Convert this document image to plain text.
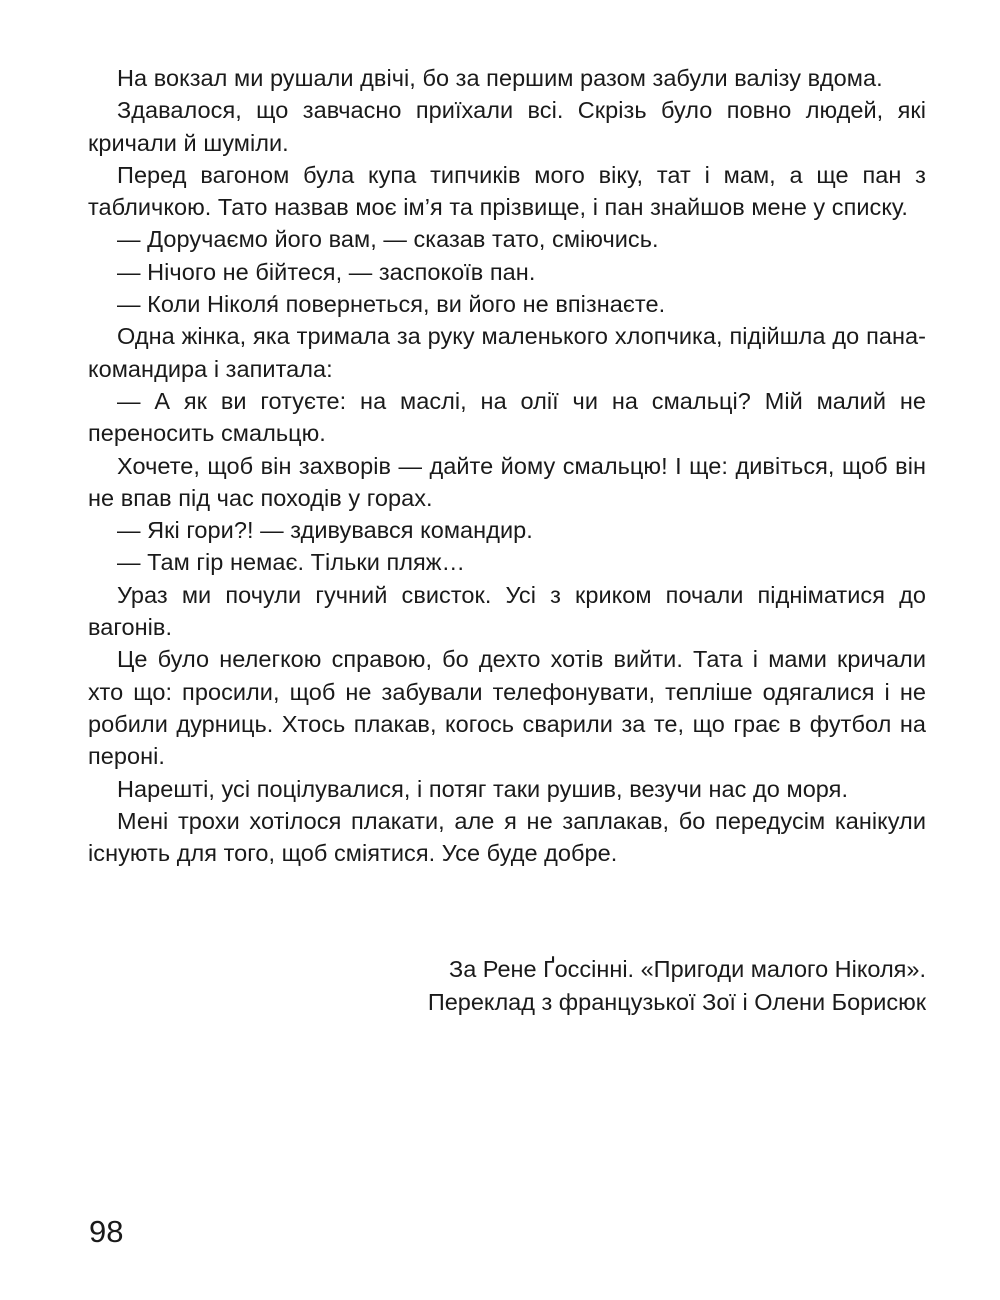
На вокзал ми рушали двічі, бо за першим разом забули валізу вдома.

Здавалося, що завчасно приїхали всі. Скрізь було повно людей, які кричали й шуміли.

Перед вагоном була купа типчиків мого віку, тат і мам, а ще пан з табличкою. Тато назвав моє ім’я та прізвище, і пан знайшов мене у списку.

— Доручаємо його вам, — сказав тато, сміючись.

— Нічого не бійтеся, — заспокоїв пан.

— Коли Ніколя́ повернеться, ви його не впізнаєте.

Одна жінка, яка тримала за руку маленького хлопчика, підійшла до пана-командира і запитала:

— А як ви готуєте: на маслі, на олії чи на смальці? Мій малий не переносить смальцю.

Хочете, щоб він захворів — дайте йому смальцю! І ще: дивіться, щоб він не впав під час походів у горах.

— Які гори?! — здивувався командир.

— Там гір немає. Тільки пляж…

Ураз ми почули гучний свисток. Усі з криком почали підніматися до вагонів.

Це було нелегкою справою, бо дехто хотів вийти. Тата і мами кричали хто що: просили, щоб не забували телефонувати, тепліше одягалися і не робили дурниць. Хтось плакав, когось сварили за те, що грає в футбол на пероні.

Нарешті, усі поцілувалися, і потяг таки рушив, везучи нас до моря.

Мені трохи хотілося плакати, але я не заплакав, бо передусім канікули існують для того, щоб сміятися. Усе буде добре.

За Рене Ґоссінні. «Пригоди малого Ніколя».
Переклад з французької Зої і Олени Борисюк
98
